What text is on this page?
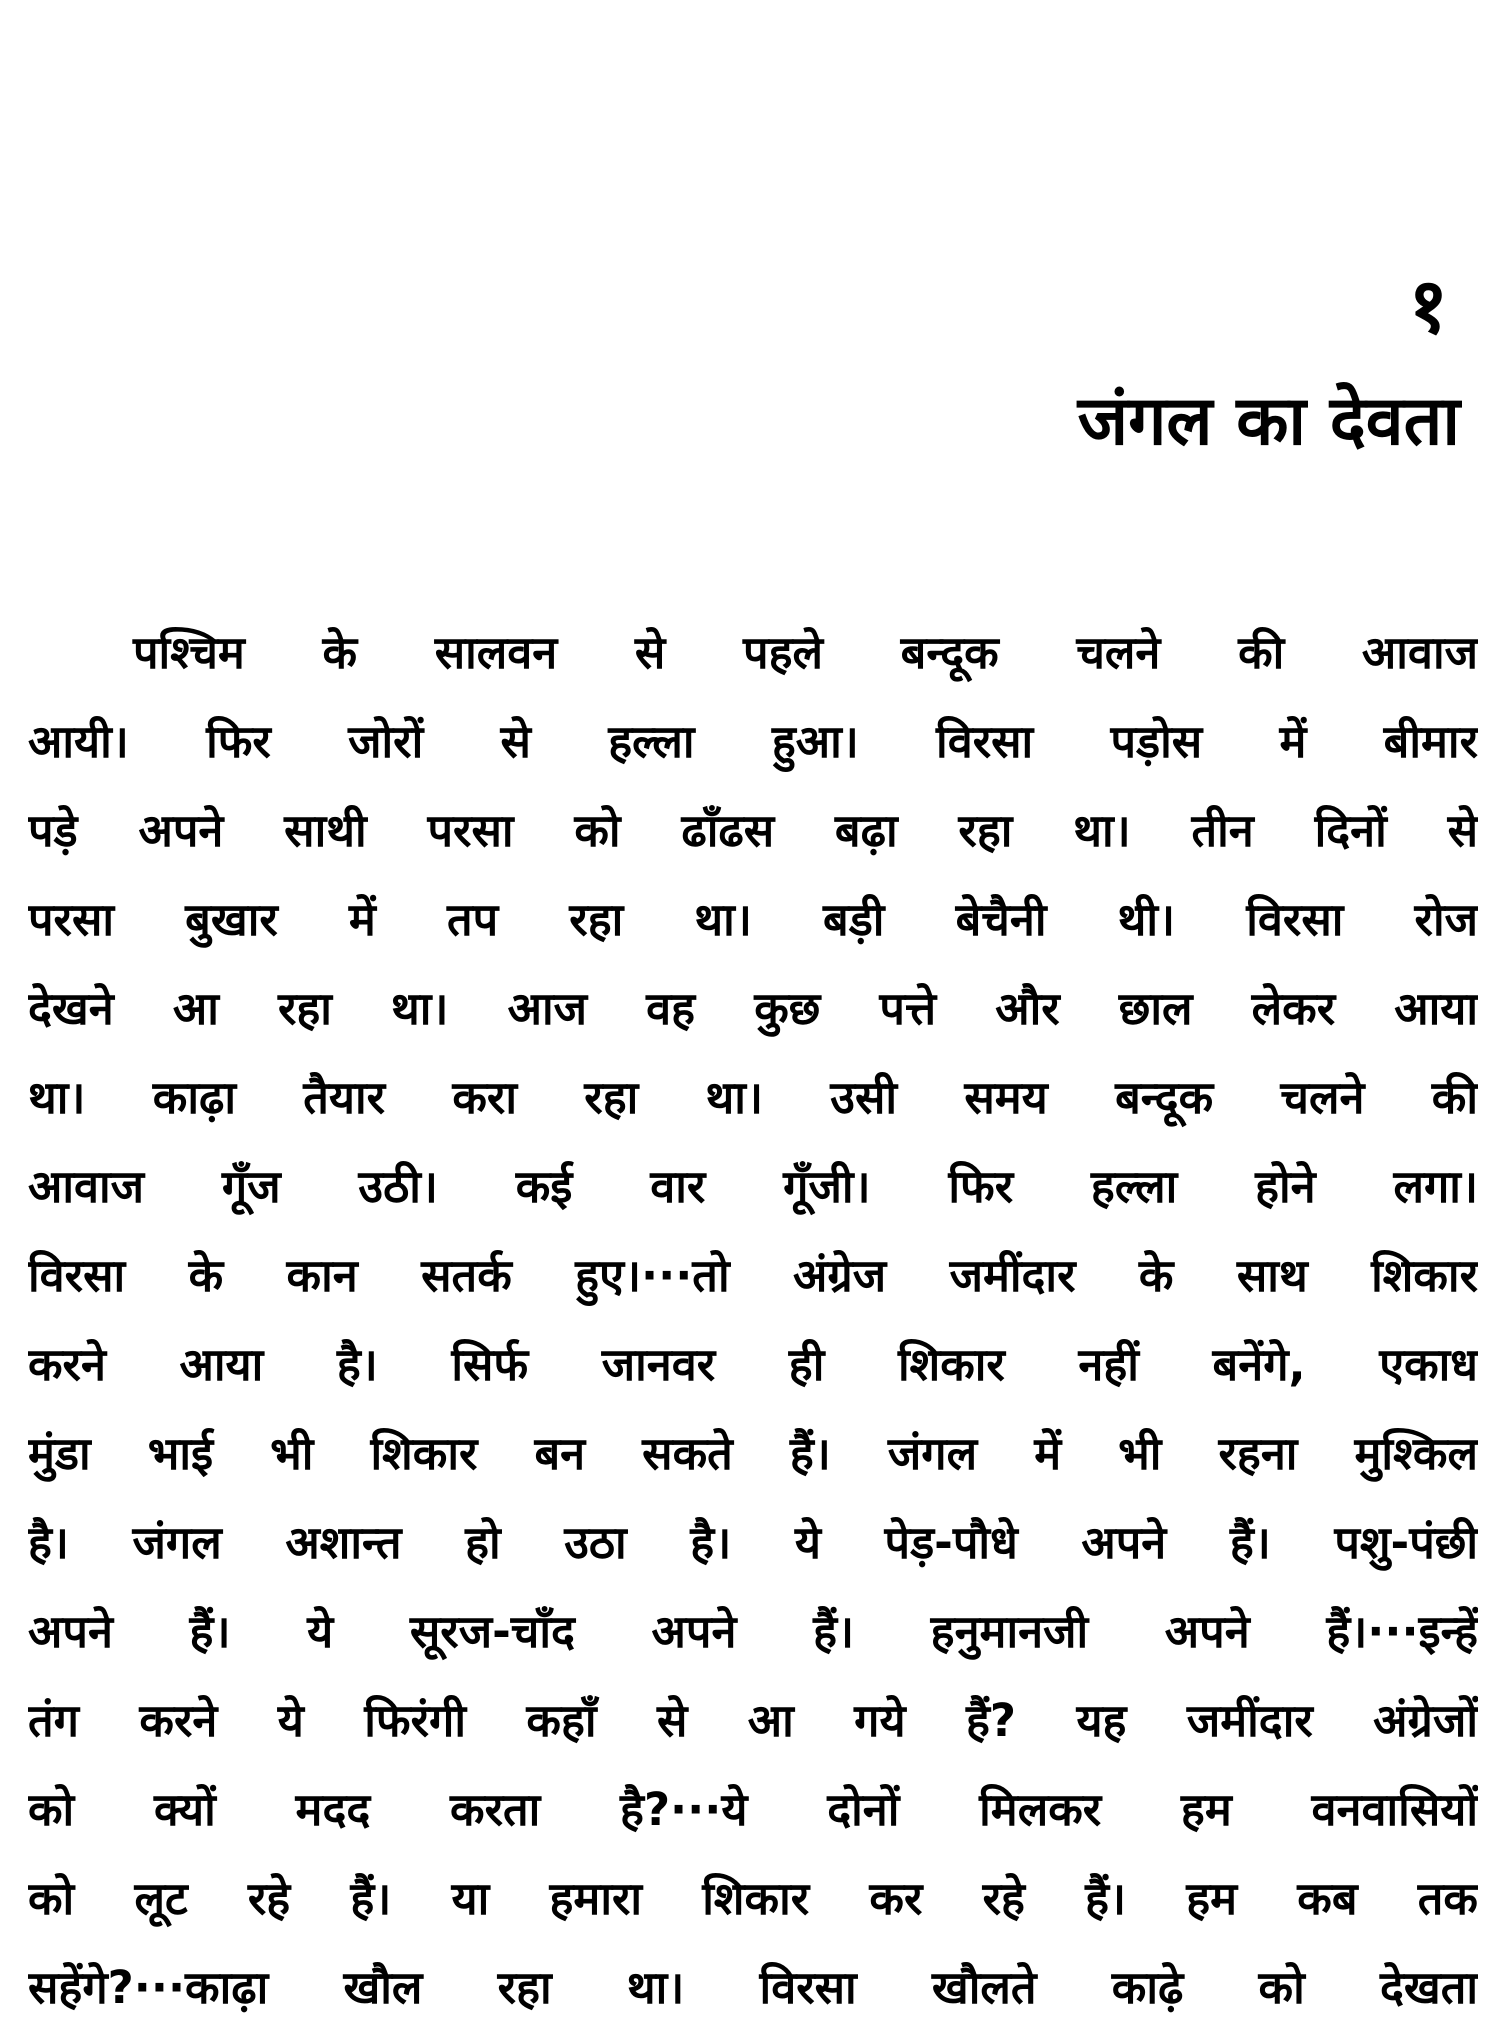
१
जंगल का देवता
पश्चिम के सालवन से पहले बन्दूक चलने की आवाज
आयी। फिर जोरों से हल्ला हुआ। विरसा पड़ोस में बीमार
पड़े अपने साथी परसा को ढाँढस बढ़ा रहा था। तीन दिनों से
परसा बुखार में तप रहा था। बड़ी बेचैनी थी। विरसा रोज
देखने आ रहा था। आज वह कुछ पत्ते और छाल लेकर आया
था। काढ़ा तैयार करा रहा था। उसी समय बन्दूक चलने की
आवाज गूँज उठी। कई वार गूँजी। फिर हल्ला होने लगा।
विरसा के कान सतर्क हुए।···तो अंग्रेज जमींदार के साथ शिकार
करने आया है। सिर्फ जानवर ही शिकार नहीं बनेंगे, एकाध
मुंडा भाई भी शिकार बन सकते हैं। जंगल में भी रहना मुश्किल
है। जंगल अशान्त हो उठा है। ये पेड़-पौधे अपने हैं। पशु-पंछी
अपने हैं। ये सूरज-चाँद अपने हैं। हनुमानजी अपने हैं।···इन्हें
तंग करने ये फिरंगी कहाँ से आ गये हैं? यह जमींदार अंग्रेजों
को क्यों मदद करता है?···ये दोनों मिलकर हम वनवासियों
को लूट रहे हैं। या हमारा शिकार कर रहे हैं। हम कब तक
सहेंगे?···काढ़ा खौल रहा था। विरसा खौलते काढ़े को देखता
